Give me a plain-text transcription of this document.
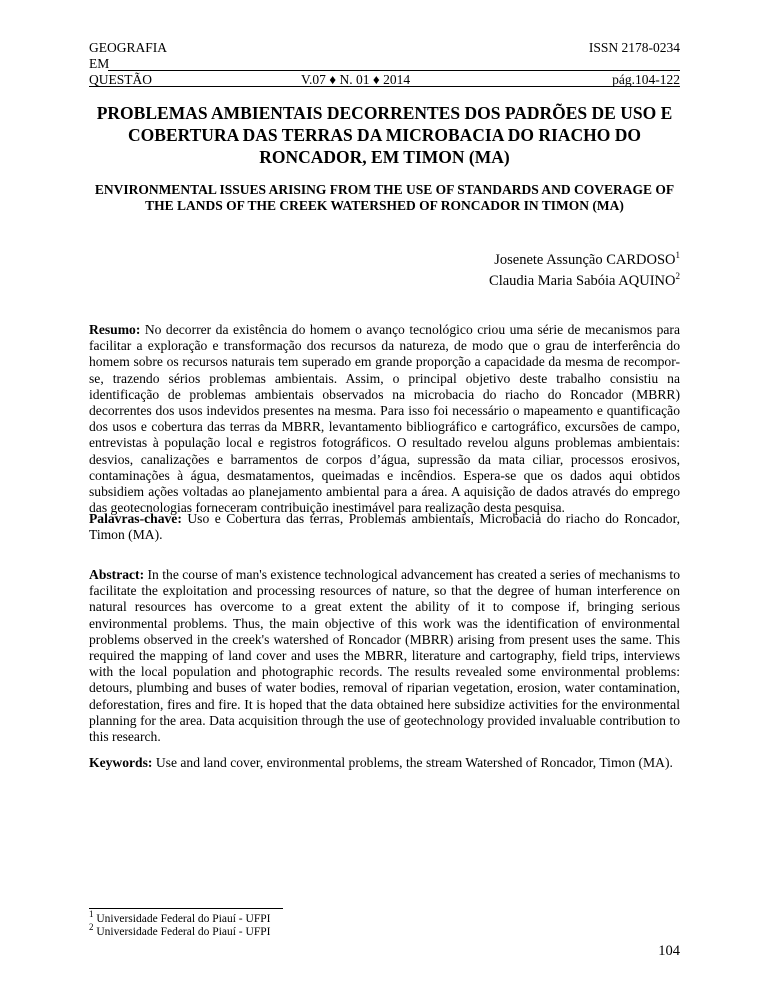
GEOGRAFIA
EM
QUESTÃO
ISSN 2178-0234
V.07 ♦ N. 01 ♦ 2014	pág.104-122
PROBLEMAS AMBIENTAIS DECORRENTES DOS PADRÕES DE USO E COBERTURA DAS TERRAS DA MICROBACIA DO RIACHO DO RONCADOR, EM TIMON (MA)
ENVIRONMENTAL ISSUES ARISING FROM THE USE OF STANDARDS AND COVERAGE OF THE LANDS OF THE CREEK WATERSHED OF RONCADOR IN TIMON (MA)
Josenete Assunção CARDOSO$^1$
Claudia Maria Sabóia AQUINO$^2$
Resumo: No decorrer da existência do homem o avanço tecnológico criou uma série de mecanismos para facilitar a exploração e transformação dos recursos da natureza, de modo que o grau de interferência do homem sobre os recursos naturais tem superado em grande proporção a capacidade da mesma de recompor-se, trazendo sérios problemas ambientais. Assim, o principal objetivo deste trabalho consistiu na identificação de problemas ambientais observados na microbacia do riacho do Roncador (MBRR) decorrentes dos usos indevidos presentes na mesma. Para isso foi necessário o mapeamento e quantificação dos usos e cobertura das terras da MBRR, levantamento bibliográfico e cartográfico, excursões de campo, entrevistas à população local e registros fotográficos. O resultado revelou alguns problemas ambientais: desvios, canalizações e barramentos de corpos d’água, supressão da mata ciliar, processos erosivos, contaminações à água, desmatamentos, queimadas e incêndios. Espera-se que os dados aqui obtidos subsidiem ações voltadas ao planejamento ambiental para a área. A aquisição de dados através do emprego das geotecnologias forneceram contribuição inestimável para realização desta pesquisa.
Palavras-chave: Uso e Cobertura das terras, Problemas ambientais, Microbacia do riacho do Roncador, Timon (MA).
Abstract: In the course of man's existence technological advancement has created a series of mechanisms to facilitate the exploitation and processing resources of nature, so that the degree of human interference on natural resources has overcome to a great extent the ability of it to compose if, bringing serious environmental problems. Thus, the main objective of this work was the identification of environmental problems observed in the creek's watershed of Roncador (MBRR) arising from present uses the same. This required the mapping of land cover and uses the MBRR, literature and cartography, field trips, interviews with the local population and photographic records. The results revealed some environmental problems: detours, plumbing and buses of water bodies, removal of riparian vegetation, erosion, water contamination, deforestation, fires and fire. It is hoped that the data obtained here subsidize activities for the environmental planning for the area. Data acquisition through the use of geotechnology provided invaluable contribution to this research.
Keywords: Use and land cover, environmental problems, the stream Watershed of Roncador, Timon (MA).
$^1$ Universidade Federal do Piauí - UFPI
$^2$ Universidade Federal do Piauí - UFPI
104
